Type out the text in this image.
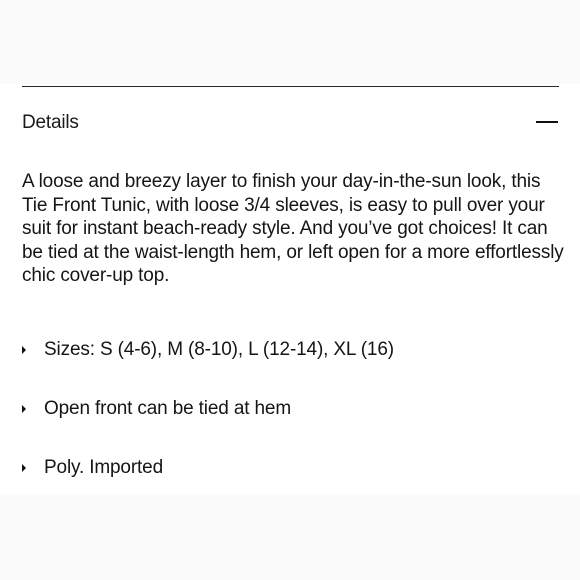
Details

A loose and breezy layer to finish your day-in-the-sun look, this Tie Front Tunic, with loose 3/4 sleeves, is easy to pull over your suit for instant beach-ready style. And you’ve got choices! It can be tied at the waist-length hem, or left open for a more effortlessly chic cover-up top.

Sizes: S (4-6), M (8-10), L (12-14), XL (16)
Open front can be tied at hem
Poly. Imported
